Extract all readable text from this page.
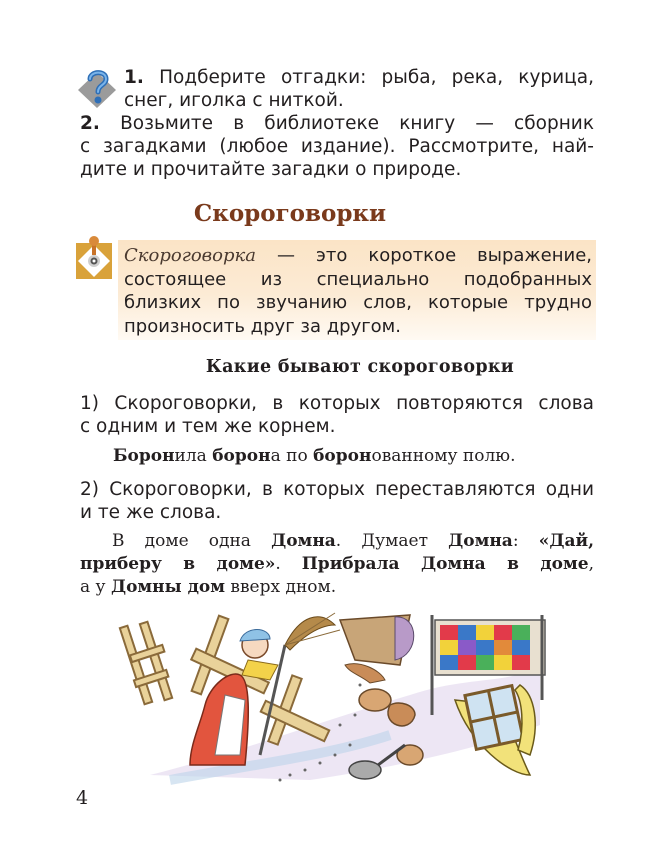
1. Подберите отгадки: рыба, река, курица,
снег, иголка с ниткой.
2. Возьмите в библиотеке книгу — сборник
с загадками (любое издание). Рассмотрите, най-
дите и прочитайте загадки о природе.
Скороговорки
Скороговорка — это короткое выражение,
состоящее из специально подобранных
близких по звучанию слов, которые трудно
произносить друг за другом.
Какие бывают скороговорки
1) Скороговорки, в которых повторяются слова
с одним и тем же корнем.
Боронила борона по боронованному полю.
2) Скороговорки, в которых переставляются одни
и те же слова.
В доме одна Домна. Думает Домна: «Дай,
приберу в доме». Прибрала Домна в доме,
а у Домны дом вверх дном.
4
